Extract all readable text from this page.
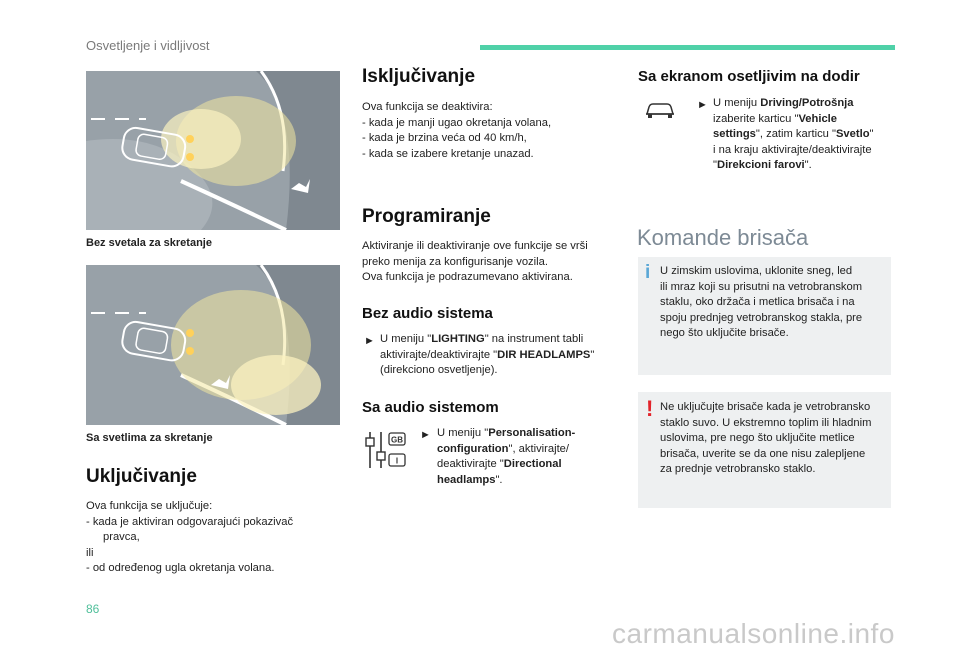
Osvetljenje i vidljivost
Bez svetala za skretanje
Sa svetlima za skretanje
Uključivanje
Ova funkcija se uključuje:
- kada je aktiviran odgovarajući pokazivač
pravca,
ili
- od određenog ugla okretanja volana.
Isključivanje
Ova funkcija se deaktivira:
- kada je manji ugao okretanja volana,
- kada je brzina veća od 40 km/h,
- kada se izabere kretanje unazad.
Programiranje
Aktiviranje ili deaktiviranje ove funkcije se vrši
preko menija za konfigurisanje vozila.
Ova funkcija je podrazumevano aktivirana.
Bez audio sistema
► U meniju "LIGHTING" na instrument tabli
aktivirajte/deaktivirajte "DIR HEADLAMPS"
(direkciono osvetljenje).
Sa audio sistemom
GB
I
► U meniju "Personalisation-
configuration", aktivirajte/
deaktivirajte "Directional
headlamps".
Sa ekranom osetljivim na dodir
► U meniju Driving/Potrošnja
izaberite karticu "Vehicle
settings", zatim karticu "Svetlo"
i na kraju aktivirajte/deaktivirajte
"Direkcioni farovi".
Komande brisača
i U zimskim uslovima, uklonite sneg, led
ili mraz koji su prisutni na vetrobranskom
staklu, oko držača i metlica brisača i na
spoju prednjeg vetrobranskog stakla, pre
nego što uključite brisače.
! Ne uključujte brisače kada je vetrobransko
staklo suvo. U ekstremno toplim ili hladnim
uslovima, pre nego što uključite metlice
brisača, uverite se da one nisu zalepljene
za prednje vetrobransko staklo.
86
carmanualsonline.info
